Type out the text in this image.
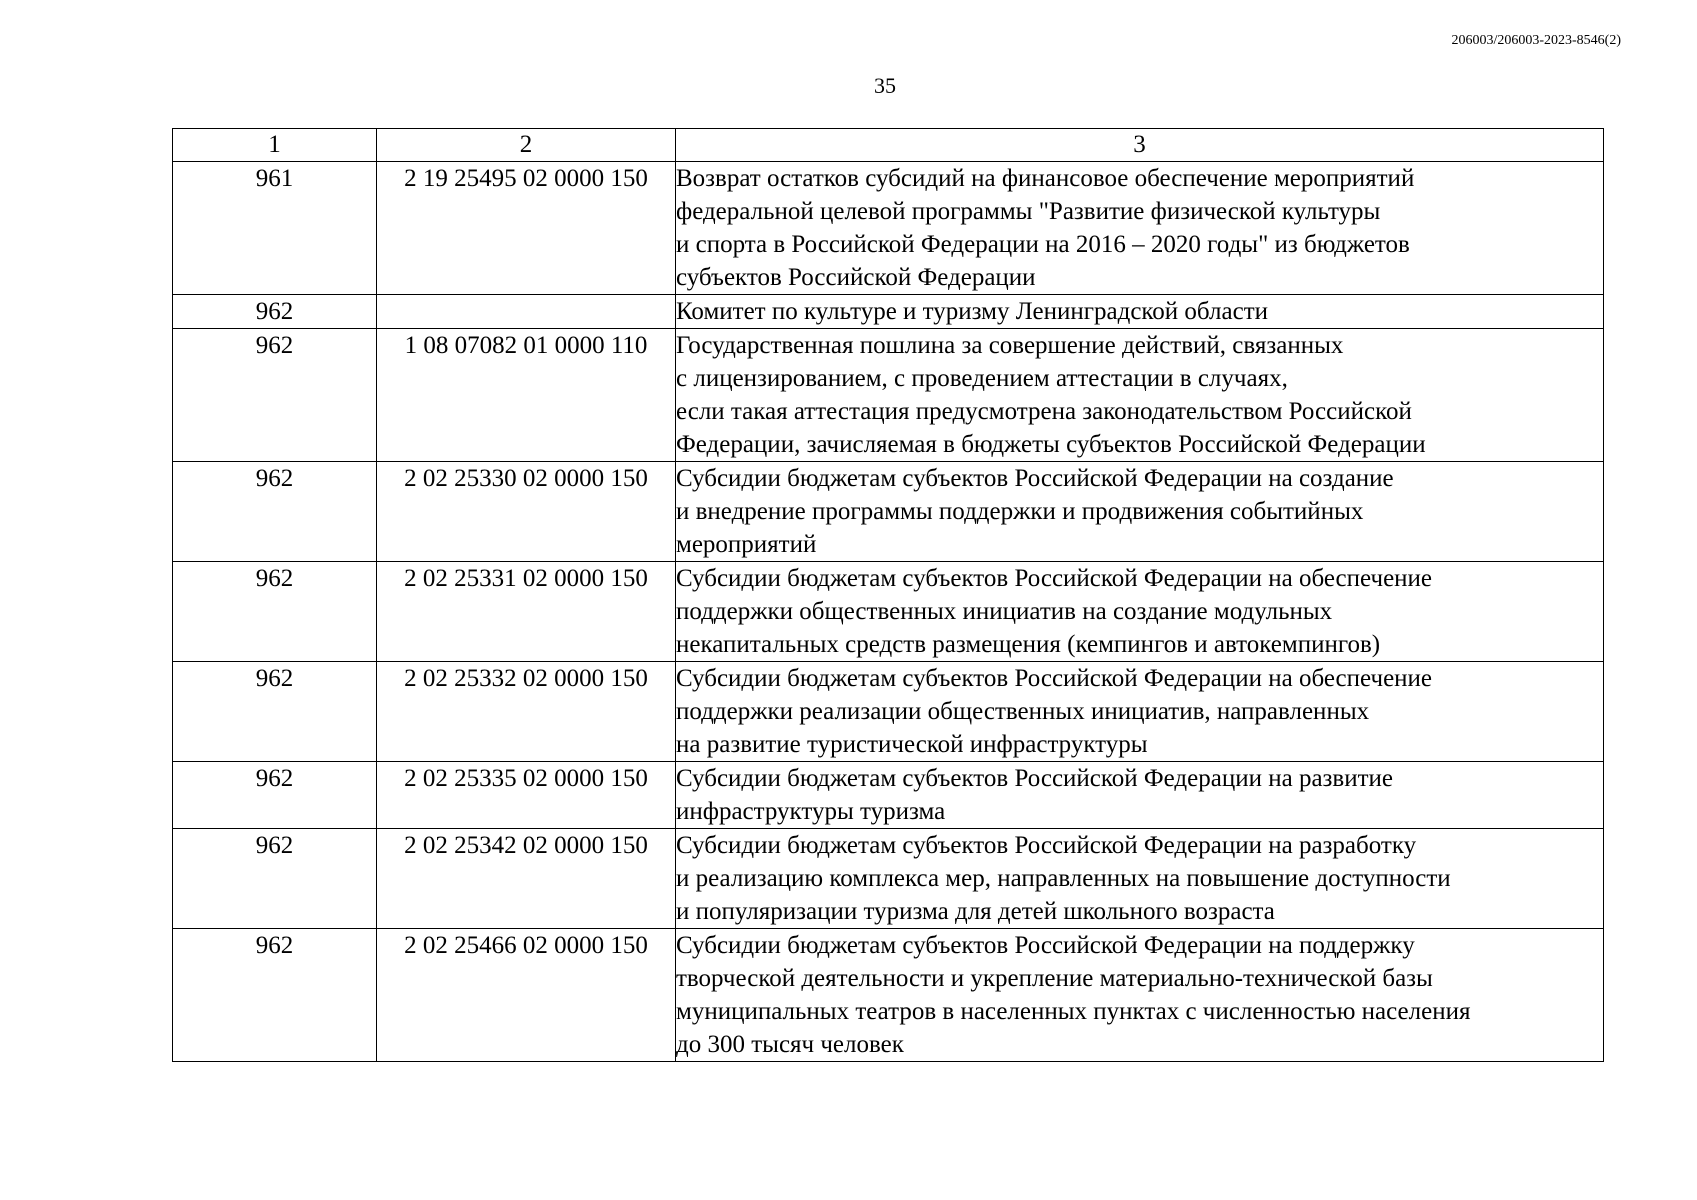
206003/206003-2023-8546(2)
35
1	2	3
961	2 19 25495 02 0000 150	Возврат остатков субсидий на финансовое обеспечение мероприятий
федеральной целевой программы "Развитие физической культуры
и спорта в Российской Федерации на 2016 – 2020 годы" из бюджетов
субъектов Российской Федерации

962		Комитет по культуре и туризму Ленинградской области

962	1 08 07082 01 0000 110	Государственная пошлина за совершение действий, связанных
с лицензированием, с проведением аттестации в случаях,
если такая аттестация предусмотрена законодательством Российской
Федерации, зачисляемая в бюджеты субъектов Российской Федерации

962	2 02 25330 02 0000 150	Субсидии бюджетам субъектов Российской Федерации на создание
и внедрение программы поддержки и продвижения событийных
мероприятий

962	2 02 25331 02 0000 150	Субсидии бюджетам субъектов Российской Федерации на обеспечение
поддержки общественных инициатив на создание модульных
некапитальных средств размещения (кемпингов и автокемпингов)

962	2 02 25332 02 0000 150	Субсидии бюджетам субъектов Российской Федерации на обеспечение
поддержки реализации общественных инициатив, направленных
на развитие туристической инфраструктуры

962	2 02 25335 02 0000 150	Субсидии бюджетам субъектов Российской Федерации на развитие
инфраструктуры туризма

962	2 02 25342 02 0000 150	Субсидии бюджетам субъектов Российской Федерации на разработку
и реализацию комплекса мер, направленных на повышение доступности
и популяризации туризма для детей школьного возраста

962	2 02 25466 02 0000 150	Субсидии бюджетам субъектов Российской Федерации на поддержку
творческой деятельности и укрепление материально-технической базы
муниципальных театров в населенных пунктах с численностью населения
до 300 тысяч человек
